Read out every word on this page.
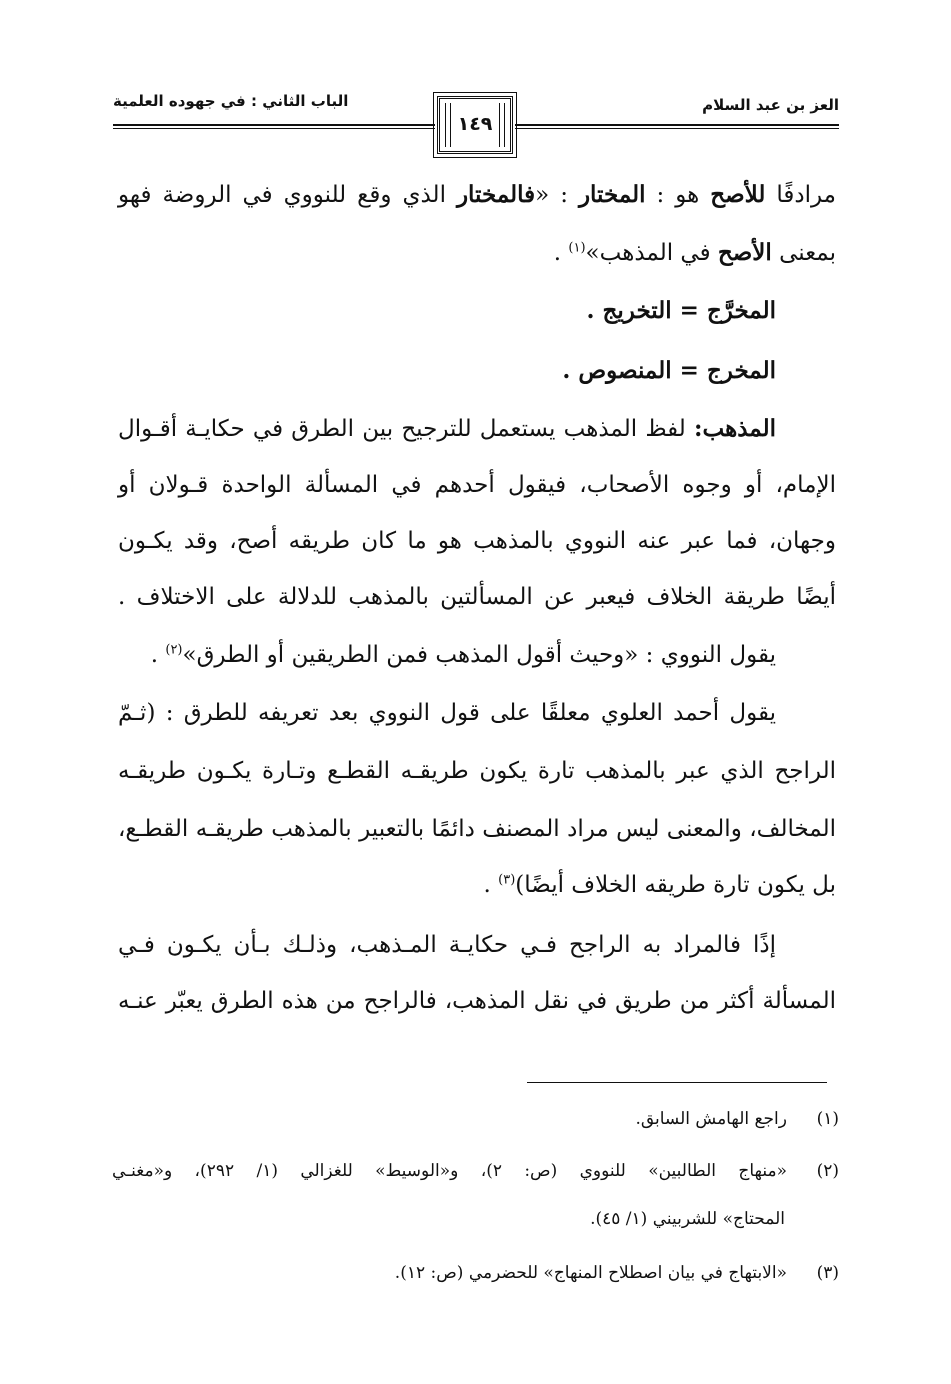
العز بن عبد السلام
الباب الثاني : في جهوده العلمية
١٤٩
مرادفًا للأصح هو : المختار : «فالمختار الذي وقع للنووي في الروضة فهو
بمعنى الأصح في المذهب»$^{(١)}$ .
المخرَّج = التخريج .
المخرج = المنصوص .
المذهب: لفظ المذهب يستعمل للترجيح بين الطرق في حكايـة أقـوال
الإمام، أو وجوه الأصحاب، فيقول أحدهم في المسألة الواحدة قـولان أو
وجهان، فما عبر عنه النووي بالمذهب هو ما كان طريقه أصح، وقد يكـون
أيضًا طريقة الخلاف فيعبر عن المسألتين بالمذهب للدلالة على الاختلاف .
يقول النووي : «وحيث أقول المذهب فمن الطريقين أو الطرق»$^{(٢)}$ .
يقول أحمد العلوي معلقًا على قول النووي بعد تعريفه للطرق : (ثـمّ
الراجح الذي عبر بالمذهب تارة يكون طريقـه القطـع وتـارة يكـون طريقـه
المخالف، والمعنى ليس مراد المصنف دائمًا بالتعبير بالمذهب طريقـه القطـع،
بل يكون تارة طريقه الخلاف أيضًا)$^{(٣)}$ .
إذًا فالمراد به الراجح فـي حكايـة المـذهب، وذلـك بـأن يكـون فـي
المسألة أكثر من طريق في نقل المذهب، فالراجح من هذه الطرق يعبّر عنـه
(١)راجع الهامش السابق.
(٢)«منهاج الطالبين» للنووي (ص: ٢)، و«الوسيط» للغزالي (١/ ٢٩٢)، و«مغنـي
المحتاج» للشربيني (١/ ٤٥).
(٣)«الابتهاج في بيان اصطلاح المنهاج» للحضرمي (ص: ١٢).
